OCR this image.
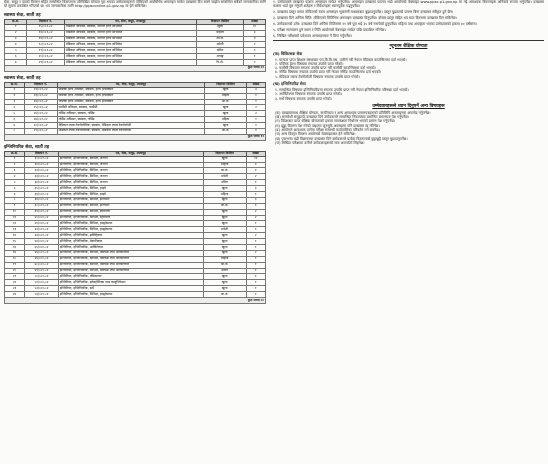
सेवा, समूह र पदको विवरण सहित सम्बन्धित विज्ञापनमा उल्लिखित योग्यता पूरा भएका उम्मेदवारहरूले तोकिएको अवधिभित्र अनलाइन मार्फत दरखास्त दिन सक्ने व्यहोरा सम्बन्धित सबैको जानकारीका लागि यो सूचना प्रकाशित गरिएको छ। थप जानकारीका लागि http://ppsconline.p1.gov.np मा हेर्न सकिनेछ।

स्वास्थ्य सेवा, सातौं तह
क्र.सं.	विज्ञापन नं.	पद, सेवा, समूह, उपसमूह	विज्ञापन किसिम	संख्या
१	१५/०८१-८२	मेडिकल अफिसर, स्वास्थ्य, जनरल हेल्थ सर्भिसेज	खुला	१०
२	१६/०८१-८२	मेडिकल अफिसर, स्वास्थ्य, जनरल हेल्थ सर्भिसेज	महिला	४
३	१७/०८१-८२	मेडिकल अफिसर, स्वास्थ्य, जनरल हेल्थ सर्भिसेज	आ.ज.	३
४	१८/०८१-८२	मेडिकल अफिसर, स्वास्थ्य, जनरल हेल्थ सर्भिसेज	मधेशी	२
५	१९/०८१-८२	मेडिकल अफिसर, स्वास्थ्य, जनरल हेल्थ सर्भिसेज	दलित	१
६	२०/०८१-८२	मेडिकल अफिसर, स्वास्थ्य, जनरल हेल्थ सर्भिसेज	अपाङ्ग	१
७	२१/०८१-८२	मेडिकल अफिसर, स्वास्थ्य, जनरल हेल्थ सर्भिसेज	पि.क्षे.	१
कुल जम्मा २२				
स्वास्थ्य सेवा, सातौं तह
क्र.सं.	विज्ञापन नं.	पद, सेवा, समूह, उपसमूह	विज्ञापन किसिम	संख्या
१	२२/०८१-८२	पब्लिक हेल्थ अफिसर, स्वास्थ्य, हेल्थ इन्स्पेक्सन	खुला	३
२	२३/०८१-८२	पब्लिक हेल्थ अफिसर, स्वास्थ्य, हेल्थ इन्स्पेक्सन	महिला	१
३	२४/०८१-८२	पब्लिक हेल्थ अफिसर, स्वास्थ्य, हेल्थ इन्स्पेक्सन	आ.ज.	१
४	२५/०८१-८२	फार्मेसी अफिसर, स्वास्थ्य, फार्मेसी	खुला	२
५	२६/०८१-८२	नर्सिङ अफिसर, स्वास्थ्य, नर्सिङ	खुला	२
६	२७/०८१-८२	नर्सिङ अफिसर, स्वास्थ्य, नर्सिङ	महिला	१
७	२८/०८१-८२	मेडिकल ल्याब टेक्नोलोजिष्ट, स्वास्थ्य, मेडिकल ल्याब टेक्नोलोजी	खुला	१
८	२९/०८१-८२	मेडिकल ल्याब टेक्नोलोजिष्ट, स्वास्थ्य, मेडिकल ल्याब टेक्नोलोजी	आ.ज.	१
कुल जम्मा १२				
इन्जिनियरिङ सेवा, सातौं तह
क्र.सं.	विज्ञापन नं.	पद, सेवा, समूह, उपसमूह	विज्ञापन किसिम	संख्या
१	३०/०८१-८२	इन्जिनियर, इन्जिनियरिङ, सिभिल, जनरल	खुला	१२
२	३१/०८१-८२	इन्जिनियर, इन्जिनियरिङ, सिभिल, जनरल	महिला	४
३	३२/०८१-८२	इन्जिनियर, इन्जिनियरिङ, सिभिल, जनरल	आ.ज.	३
४	३३/०८१-८२	इन्जिनियर, इन्जिनियरिङ, सिभिल, जनरल	मधेशी	२
५	३४/०८१-८२	इन्जिनियर, इन्जिनियरिङ, सिभिल, जनरल	दलित	१
६	३५/०८१-८२	इन्जिनियर, इन्जिनियरिङ, सिभिल, हाइवे	खुला	३
७	३६/०८१-८२	इन्जिनियर, इन्जिनियरिङ, सिभिल, हाइवे	महिला	१
८	३७/०८१-८२	इन्जिनियर, इन्जिनियरिङ, सिभिल, इरिगेसन	खुला	३
९	३८/०८१-८२	इन्जिनियर, इन्जिनियरिङ, सिभिल, इरिगेसन	आ.ज.	१
१०	३९/०८१-८२	इन्जिनियर, इन्जिनियरिङ, सिभिल, स्यानिटरी	खुला	२
११	४०/०८१-८२	इन्जिनियर, इन्जिनियरिङ, सिभिल, स्ट्रक्चरल	खुला	२
१२	४१/०८१-८२	इन्जिनियर, इन्जिनियरिङ, सिभिल, हाइड्रोपावर	खुला	१
१३	४२/०८१-८२	इन्जिनियर, इन्जिनियरिङ, सिभिल, हाइड्रोपावर	मधेशी	१
१४	४३/०८१-८२	इन्जिनियर, इन्जिनियरिङ, इलेक्ट्रिकल	खुला	२
१५	४४/०८१-८२	इन्जिनियर, इन्जिनियरिङ, मेकानिकल	खुला	१
१६	४५/०८१-८२	इन्जिनियर, इन्जिनियरिङ, आर्किटेक्चर	खुला	१
१७	४६/०८१-८२	इन्जिनियर, इन्जिनियरिङ, सिभिल, बिल्डिङ एण्ड आर्किटेक्चर	खुला	२
१८	४७/०८१-८२	इन्जिनियर, इन्जिनियरिङ, सिभिल, बिल्डिङ एण्ड आर्किटेक्चर	महिला	१
१९	४८/०८१-८२	इन्जिनियर, इन्जिनियरिङ, सिभिल, बिल्डिङ एण्ड आर्किटेक्चर	आ.ज.	१
२०	४९/०८१-८२	इन्जिनियर, इन्जिनियरिङ, सिभिल, बिल्डिङ एण्ड आर्किटेक्चर	दलित	१
२१	५०/०८१-८२	इन्जिनियर, इन्जिनियरिङ, एग्रिकल्चर	खुला	१
२२	५१/०८१-८२	इन्जिनियर, इन्जिनियरिङ, इलेक्ट्रोनिक्स एण्ड कम्युनिकेसन	खुला	१
२३	५२/०८१-८२	इन्जिनियर, इन्जिनियरिङ, सर्भे	खुला	१
२४	५३/०८१-८२	इन्जिनियर, इन्जिनियरिङ, सिभिल, हाइड्रोपावर	आ.ज.	१
कुल जम्मा ५०				

१. उम्मेदवारले दरखास्त फाराम अनलाइन मार्फत भर्नुपर्नेछ। अनलाइन दरखास्त फाराम भर्दा आयोगको वेबसाइट www.ppsc.p1.gov.np मा गई आवश्यक विवरणहरू अनिवार्य रूपमा भर्नुपर्नेछ। दरखास्त फाराम भर्दा पूरा गर्नुपर्ने शर्तहरू र निर्देशनहरू ध्यानपूर्वक पढ्नुपर्नेछ।

२. दरखास्त दस्तुर वापत तोकिएको रकम अनलाइन भुक्तानी माध्यमबाट बुझाउनुपर्नेछ। दस्तुर बुझाएको प्रमाण बिना दरखास्त स्वीकृत हुने छैन।

३. दरखास्त दिने अन्तिम मिति: तोकिएको मितिभित्र अनलाइन दरखास्त दिनुपर्नेछ। दोब्बर दस्तुर सहित थप सात दिनसम्म दरखास्त दिन सकिनेछ।

४. उम्मेदवारको उमेर: दरखास्त दिने अन्तिम मितिसम्म २१ वर्ष पूरा भई ३५ वर्ष ननाघेको हुनुपर्नेछ। महिला तथा अपाङ्गता भएका उम्मेदवारको हकमा ४० वर्षसम्म।

५. परीक्षा सञ्चालन हुने स्थान र मिति आयोगको वेबसाइट मार्फत पछि प्रकाशित गरिनेछ।

६. लिखित परीक्षाको प्रवेशपत्र अनलाइनबाट नै प्रिन्ट गर्नुपर्नेछ।

न्यूनतम शैक्षिक योग्यता
(क) चिकित्सक सेवा

१. मान्यता प्राप्त शिक्षण संस्थाबाट एम.बि.बि.एस. उत्तीर्ण गरी नेपाल मेडिकल काउन्सिलमा दर्ता भएको।

२. पब्लिक हेल्थ विषयमा स्नातक उपाधि प्राप्त गरेको।

३. फार्मेसी विषयमा स्नातक उपाधि प्राप्त गरी फार्मेसी काउन्सिलमा दर्ता भएको।

४. नर्सिङ विषयमा स्नातक उपाधि प्राप्त गरी नेपाल नर्सिङ काउन्सिलमा दर्ता भएको।

५. मेडिकल ल्याब टेक्नोलोजी विषयमा स्नातक उपाधि प्राप्त गरेको।

(ख) इन्जिनियरिङ सेवा

१. सम्बन्धित विषयमा इन्जिनियरिङमा स्नातक उपाधि प्राप्त गरी नेपाल इन्जिनियरिङ परिषद्मा दर्ता भएको।

२. आर्किटेक्चर विषयमा स्नातक उपाधि प्राप्त गरेको।

३. सर्भे विषयमा स्नातक उपाधि प्राप्त गरेको।

उम्मेदवारहरूले ध्यान दिनुपर्ने अन्य विषयहरू

(क) दरखास्तसाथ शैक्षिक योग्यता, नागरिकता र अन्य आवश्यक प्रमाणपत्रहरूको प्रतिलिपि अनलाइनमा अपलोड गर्नुपर्नेछ।

(ख) समावेशी समूहतर्फ दरखास्त दिने उम्मेदवारले सम्बन्धित निकायबाट प्रमाणित प्रमाणपत्र पेश गर्नुपर्नेछ।

(ग) विदेशबाट प्राप्त शैक्षिक योग्यताको हकमा समकक्षता निर्धारण भएको प्रमाण पेश गर्नुपर्नेछ।

(घ) झुट्टा विवरण पेश गरेको पाइएमा जुनसुकै अवस्थामा पनि दरखास्त रद्द गरिनेछ।

(ङ) आयोगले आवश्यक ठानेमा परीक्षा सम्बन्धी कार्यतालिका परिवर्तन गर्न सक्नेछ।

(च) अन्य विस्तृत विवरण आयोगको वेबसाइटबाट हेर्न सकिनेछ।

(छ) एकभन्दा बढी विज्ञापनमा दरखास्त दिने उम्मेदवारले प्रत्येक विज्ञापनको छुट्टाछुट्टै दस्तुर बुझाउनुपर्नेछ।

(ज) लिखित परीक्षामा उत्तीर्ण उम्मेदवारहरूको मात्र अन्तर्वार्ता लिइनेछ।
